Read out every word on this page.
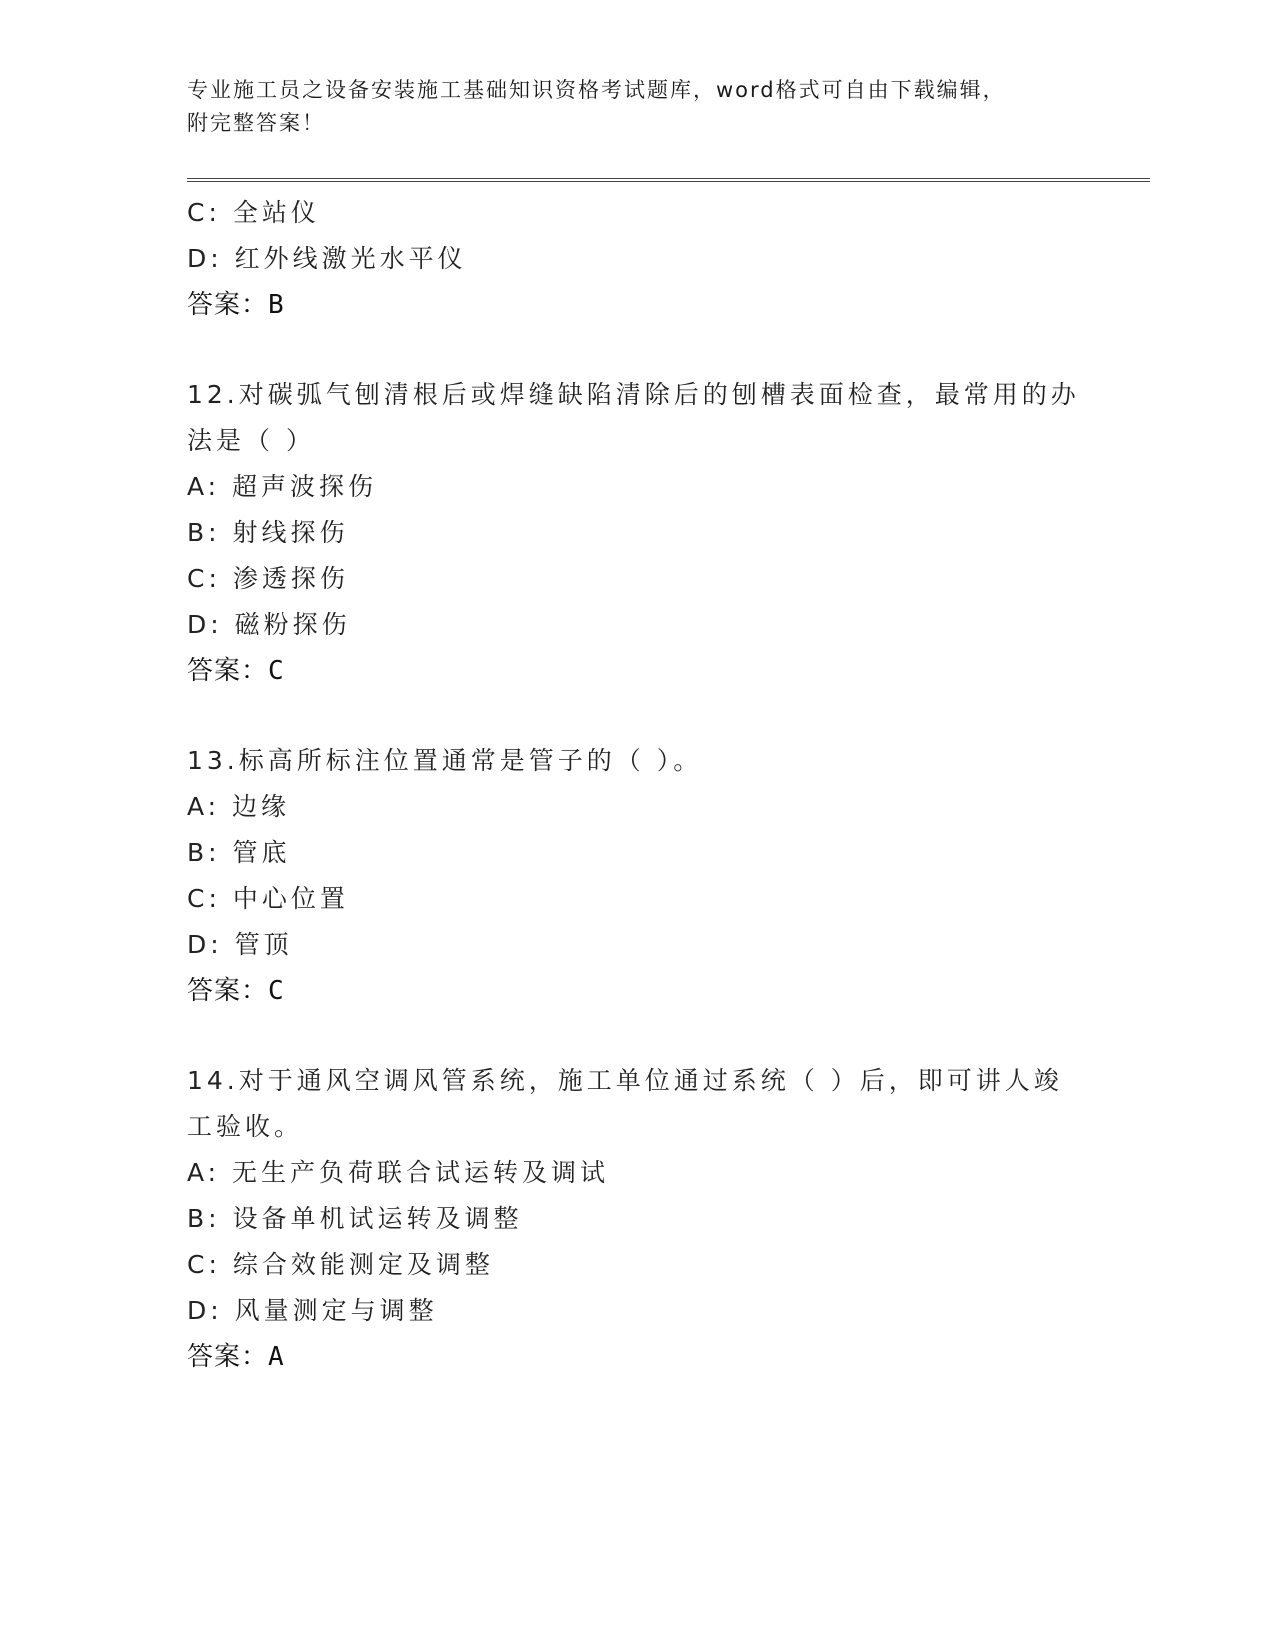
专业施工员之设备安装施工基础知识资格考试题库，word格式可自由下载编辑，
附完整答案！
C: 全站仪
D: 红外线激光水平仪
答案：B
12.对碳弧气刨清根后或焊缝缺陷清除后的刨槽表面检查，最常用的办
法是（ ）
A: 超声波探伤
B: 射线探伤
C: 渗透探伤
D: 磁粉探伤
答案：C
13.标高所标注位置通常是管子的（ ）。
A: 边缘
B: 管底
C: 中心位置
D: 管顶
答案：C
14.对于通风空调风管系统，施工单位通过系统（ ）后，即可讲人竣
工验收。
A: 无生产负荷联合试运转及调试
B: 设备单机试运转及调整
C: 综合效能测定及调整
D: 风量测定与调整
答案：A
